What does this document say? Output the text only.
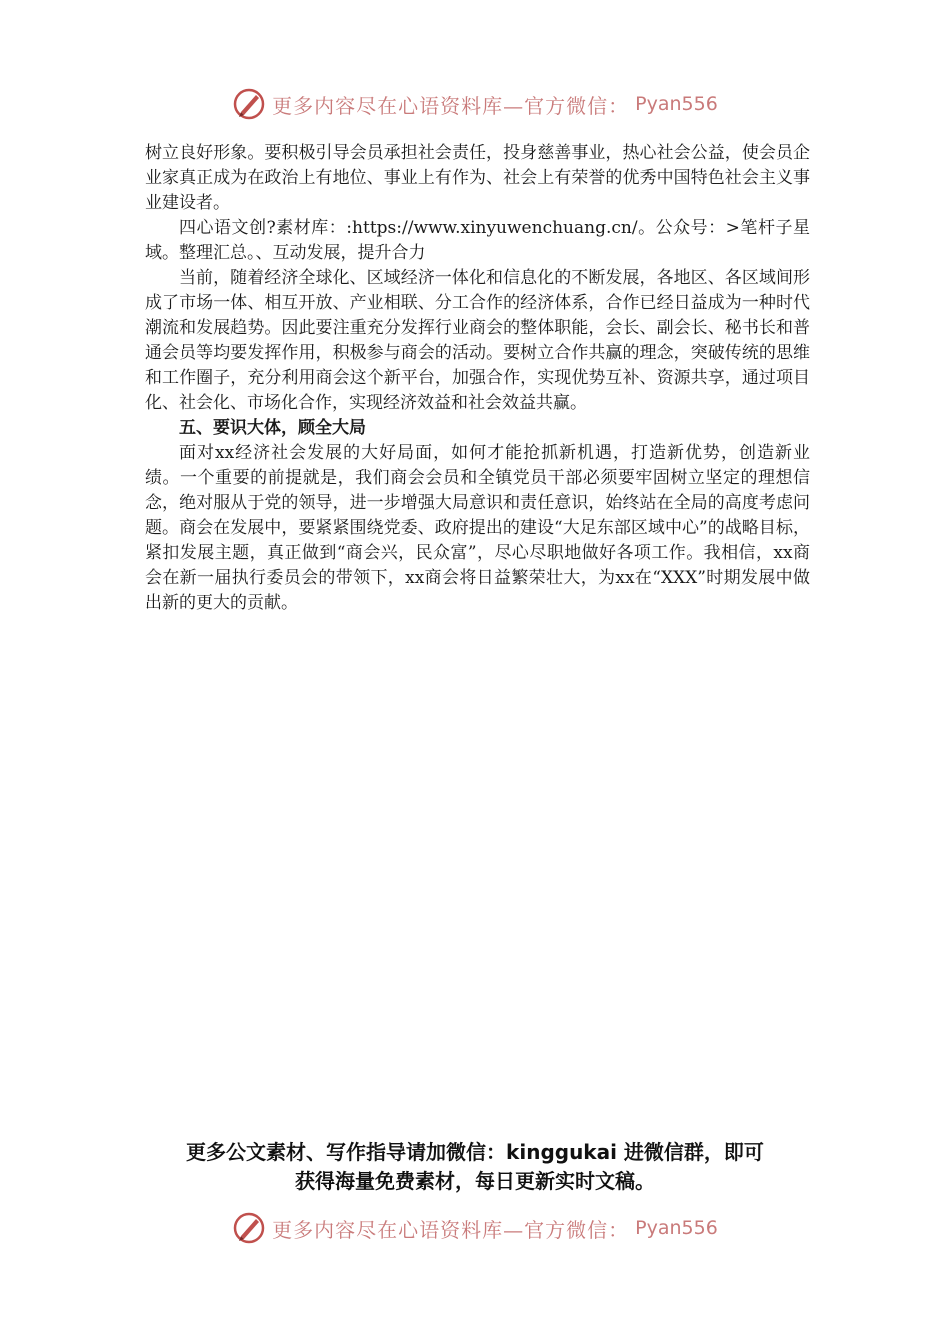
更多内容尽在心语资料库—官方微信： Pyan556

树立良好形象。要积极引导会员承担社会责任，投身慈善事业，热心社会公益，使会员企业家真正成为在政治上有地位、事业上有作为、社会上有荣誉的优秀中国特色社会主义事业建设者。

四心语文创?素材库：:https://www.xinyuwenchuang.cn/。公众号：>笔杆子星域。整理汇总。、互动发展，提升合力

当前，随着经济全球化、区域经济一体化和信息化的不断发展，各地区、各区域间形成了市场一体、相互开放、产业相联、分工合作的经济体系，合作已经日益成为一种时代潮流和发展趋势。因此要注重充分发挥行业商会的整体职能，会长、副会长、秘书长和普通会员等均要发挥作用，积极参与商会的活动。要树立合作共赢的理念，突破传统的思维和工作圈子，充分利用商会这个新平台，加强合作，实现优势互补、资源共享，通过项目化、社会化、市场化合作，实现经济效益和社会效益共赢。

五、要识大体，顾全大局

面对xx经济社会发展的大好局面，如何才能抢抓新机遇，打造新优势，创造新业绩。一个重要的前提就是，我们商会会员和全镇党员干部必须要牢固树立坚定的理想信念，绝对服从于党的领导，进一步增强大局意识和责任意识，始终站在全局的高度考虑问题。商会在发展中，要紧紧围绕党委、政府提出的建设“大足东部区域中心”的战略目标，紧扣发展主题，真正做到“商会兴，民众富”，尽心尽职地做好各项工作。我相信，xx商会在新一届执行委员会的带领下，xx商会将日益繁荣壮大，为xx在“XXX”时期发展中做出新的更大的贡献。

更多公文素材、写作指导请加微信：kinggukai 进微信群，即可
获得海量免费素材，每日更新实时文稿。
更多内容尽在心语资料库—官方微信： Pyan556
